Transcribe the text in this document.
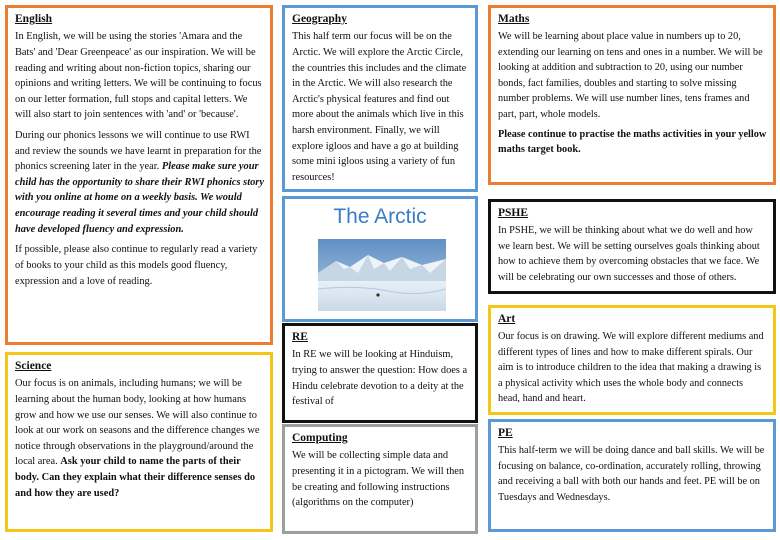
English

In English, we will be using the stories 'Amara and the Bats' and 'Dear Greenpeace' as our inspiration. We will be reading and writing about non-fiction topics, sharing our opinions and writing letters. We will be continuing to focus on our letter formation, full stops and capital letters. We will also start to join sentences with 'and' or 'because'.

During our phonics lessons we will continue to use RWI and review the sounds we have learnt in preparation for the phonics screening later in the year. Please make sure your child has the opportunity to share their RWI phonics story with you online at home on a weekly basis. We would encourage reading it several times and your child should have developed fluency and expression.

If possible, please also continue to regularly read a variety of books to your child as this models good fluency, expression and a love of reading.

Science

Our focus is on animals, including humans; we will be learning about the human body, looking at how humans grow and how we use our senses. We will also continue to look at our work on seasons and the difference changes we notice through observations in the playground/around the local area. Ask your child to name the parts of their body. Can they explain what their difference senses do and how they are used?

Geography

This half term our focus will be on the Arctic. We will explore the Arctic Circle, the countries this includes and the climate in the Arctic. We will also research the Arctic's physical features and find out more about the animals which live in this harsh environment. Finally, we will explore igloos and have a go at building some mini igloos using a variety of fun resources!

The Arctic
RE

In RE we will be looking at Hinduism, trying to answer the question: How does a Hindu celebrate devotion to a deity at the festival of

Computing

We will be collecting simple data and presenting it in a pictogram. We will then be creating and following instructions (algorithms on the computer)

Maths

We will be learning about place value in numbers up to 20, extending our learning on tens and ones in a number. We will be looking at addition and subtraction to 20, using our number bonds, fact families, doubles and starting to solve missing number problems. We will use number lines, tens frames and part, part, whole models.

Please continue to practise the maths activities in your yellow maths target book.

PSHE

In PSHE, we will be thinking about what we do well and how we learn best. We will be setting ourselves goals thinking about how to achieve them by overcoming obstacles that we face. We will be celebrating our own successes and those of others.

Art

Our focus is on drawing. We will explore different mediums and different types of lines and how to make different spirals. Our aim is to introduce children to the idea that making a drawing is a physical activity which uses the whole body and connects head, hand and heart.

PE

This half-term we will be doing dance and ball skills. We will be focusing on balance, co-ordination, accurately rolling, throwing and receiving a ball with both our hands and feet. PE will be on Tuesdays and Wednesdays.
